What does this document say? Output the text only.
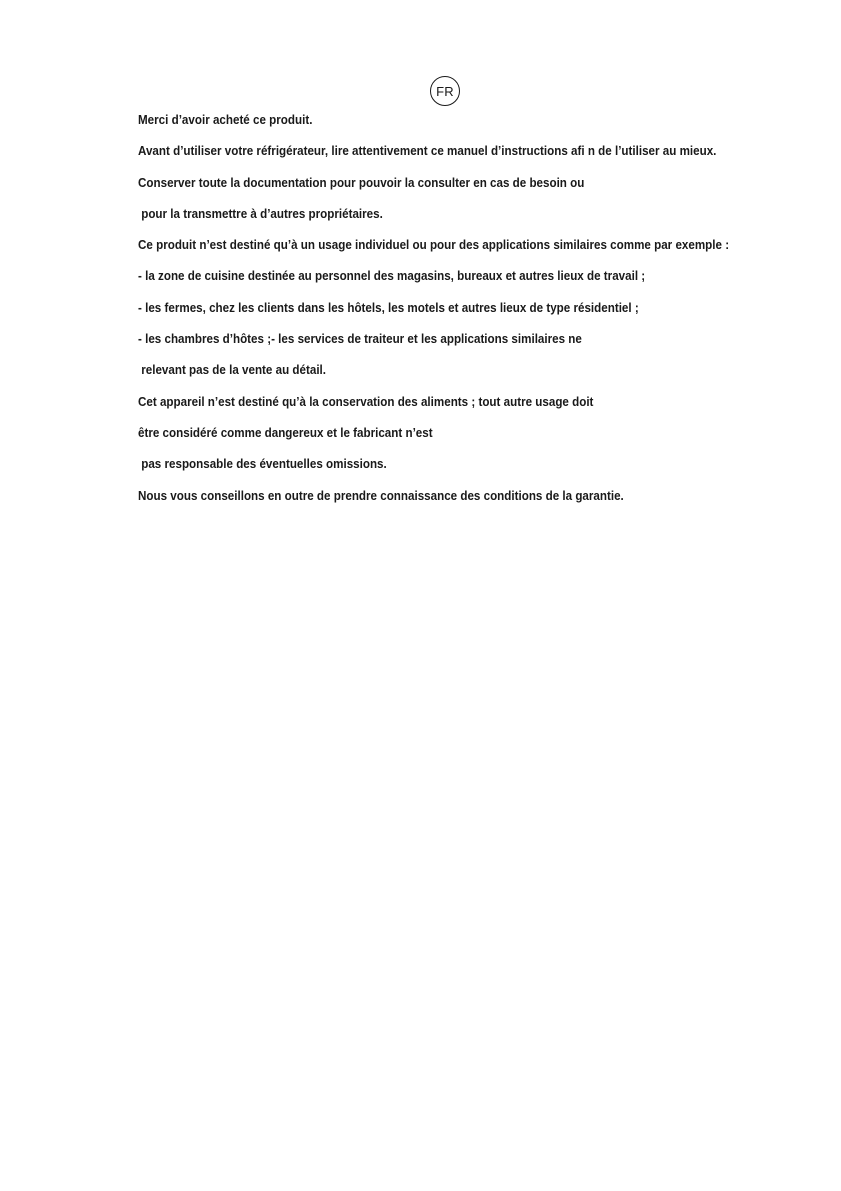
FR
Merci d’avoir acheté ce produit.
Avant d’utiliser votre réfrigérateur, lire attentivement ce manuel d’instructions afi n de l’utiliser au mieux.
Conserver toute la documentation pour pouvoir la consulter en cas de besoin ou
pour la transmettre à d’autres propriétaires.
Ce produit n’est destiné qu’à un usage individuel ou pour des applications similaires comme par exemple :
- la zone de cuisine destinée au personnel des magasins, bureaux et autres lieux de travail ;
- les fermes, chez les clients dans les hôtels, les motels et autres lieux de type résidentiel ;
- les chambres d’hôtes ;- les services de traiteur et les applications similaires ne
relevant pas de la vente au détail.
Cet appareil n’est destiné qu’à la conservation des aliments ; tout autre usage doit
être considéré comme dangereux et le fabricant n’est
pas responsable des éventuelles omissions.
Nous vous conseillons en outre de prendre connaissance des conditions de la garantie.
